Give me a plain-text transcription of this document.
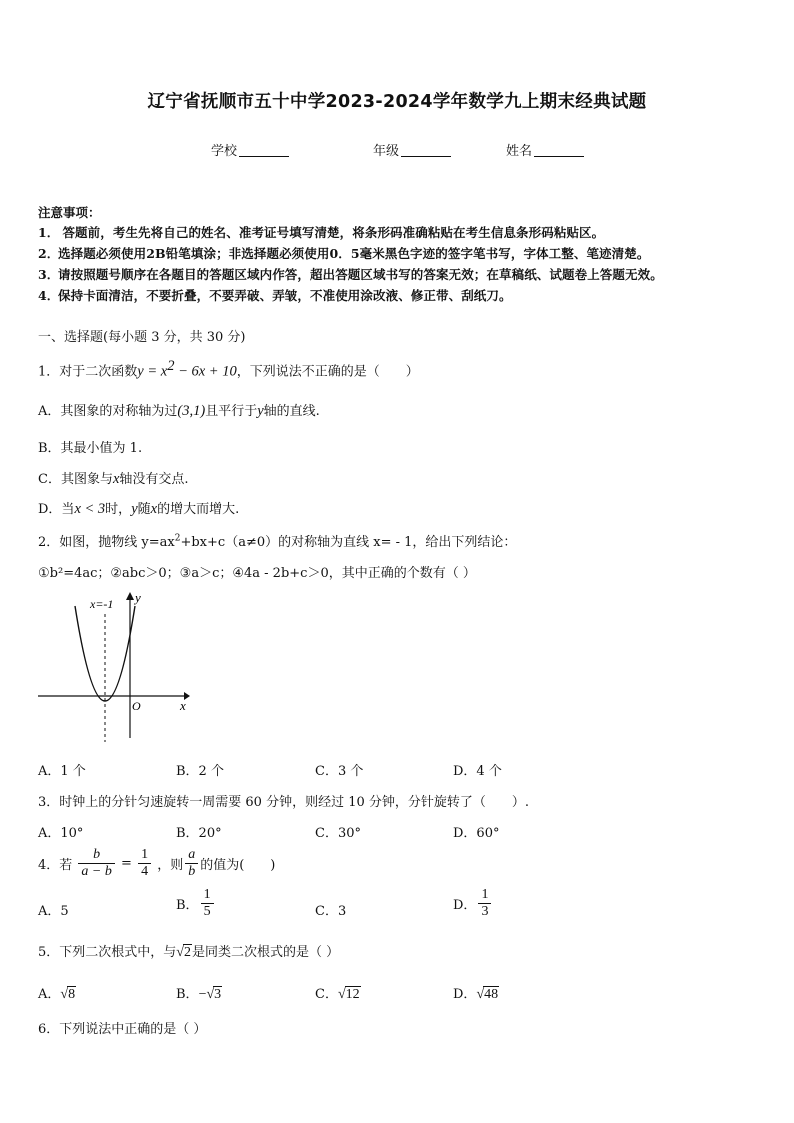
辽宁省抚顺市五十中学2023-2024学年数学九上期末经典试题
学校	年级	姓名
注意事项：
1． 答题前，考生先将自己的姓名、准考证号填写清楚，将条形码准确粘贴在考生信息条形码粘贴区。
2．选择题必须使用2B铅笔填涂；非选择题必须使用0．5毫米黑色字迹的签字笔书写，字体工整、笔迹清楚。
3．请按照题号顺序在各题目的答题区域内作答，超出答题区域书写的答案无效；在草稿纸、试题卷上答题无效。
4．保持卡面清洁，不要折叠，不要弄破、弄皱，不准使用涂改液、修正带、刮纸刀。
一、选择题(每小题 3 分，共 30 分)
1．对于二次函数$y = x^2 - 6x + 10$，下列说法不正确的是（　　）
A．其图象的对称轴为过(3,1)且平行于y轴的直线.
B．其最小值为 1.
C．其图象与x轴没有交点.
D．当x < 3时，y随x的增大而增大.
2．如图，抛物线 $y=ax^2+bx+c(a\ne 0)$的对称轴为直线 x= - 1，给出下列结论：
①b²=4ac；②abc＞0；③a＞c；④4a - 2b+c＞0，其中正确的个数有（ ）
x=-1 y
x
O
A．1 个	B．2 个	C．3 个	D．4 个
3．时钟上的分针匀速旋转一周需要 60 分钟，则经过 10 分钟，分针旋转了（　　）.
A．10°	B．20°	C．30°	D．60°
4．若 $\frac{b}{a - b} = \frac{1}{4}$ ，则 $\frac{a}{b}$ 的值为(　　)
A．5	B． $\frac{1}{5}$	C．3	D． $\frac{1}{3}$
5．下列二次根式中，与√2是同类二次根式的是（ ）
A．√8	B．−√3	C．√12	D．√48
6．下列说法中正确的是（ ）
